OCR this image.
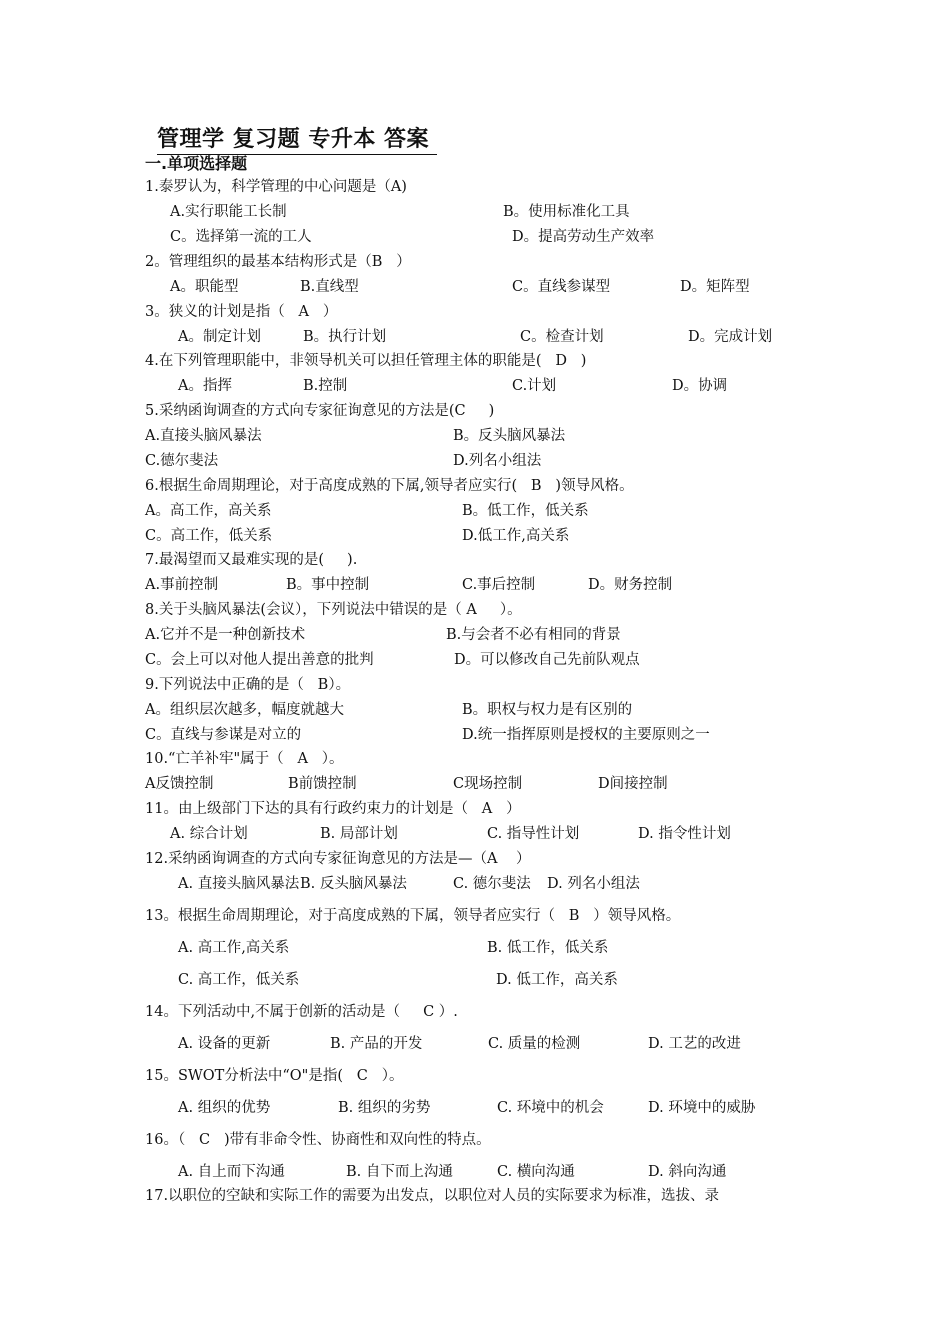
管理学 复习题 专升本 答案
一.单项选择题
1.泰罗认为，科学管理的中心问题是（A)
A.实行职能工长制	B。使用标准化工具
C。选择第一流的工人	D。提高劳动生产效率
2。管理组织的最基本结构形式是（B   ）
A。职能型	B.直线型	C。直线参谋型	D。矩阵型
3。狭义的计划是指（   A   ）
A。制定计划	B。执行计划	C。检查计划	D。完成计划
4.在下列管理职能中，非领导机关可以担任管理主体的职能是(   D   )
A。指挥	B.控制	C.计划	D。协调
5.采纳函询调查的方式向专家征询意见的方法是(C     )
A.直接头脑风暴法	B。反头脑风暴法
C.德尔斐法	D.列名小组法
6.根据生命周期理论，对于高度成熟的下属,领导者应实行(   B   )领导风格。
A。高工作，高关系	B。低工作，低关系
C。高工作，低关系	D.低工作,高关系
7.最渴望而又最难实现的是(     ).
A.事前控制	B。事中控制	C.事后控制	D。财务控制
8.关于头脑风暴法(会议），下列说法中错误的是（ A     ）。
A.它并不是一种创新技术	B.与会者不必有相同的背景
C。会上可以对他人提出善意的批判	D。可以修改自己先前队观点
9.下列说法中正确的是（   B）。
A。组织层次越多，幅度就越大	B。职权与权力是有区别的
C。直线与参谋是对立的	D.统一指挥原则是授权的主要原则之一
10.“亡羊补牢"属于（   A   ）。
A反馈控制	B前馈控制	C现场控制	D间接控制
11。由上级部门下达的具有行政约束力的计划是（   A   ）
A. 综合计划	B. 局部计划	C. 指导性计划	D. 指令性计划
12.采纳函询调查的方式向专家征询意见的方法是—（A    ）
A. 直接头脑风暴法 B. 反头脑风暴法	C. 德尔斐法 D. 列名小组法
13。根据生命周期理论，对于高度成熟的下属，领导者应实行（   B   ）领导风格。
A. 高工作,高关系	B. 低工作，低关系
C. 高工作，低关系	D. 低工作，高关系
14。下列活动中,不属于创新的活动是（     C ）.
A. 设备的更新	B. 产品的开发	C. 质量的检测	D. 工艺的改进
15。SWOT分析法中“O"是指(   C   ）。
A. 组织的优势	B. 组织的劣势	C. 环境中的机会	D. 环境中的威胁
16。（   C   )带有非命令性、协商性和双向性的特点。
A. 自上而下沟通	B. 自下而上沟通	C. 横向沟通	D. 斜向沟通
17.以职位的空缺和实际工作的需要为出发点，以职位对人员的实际要求为标准，选拔、录
